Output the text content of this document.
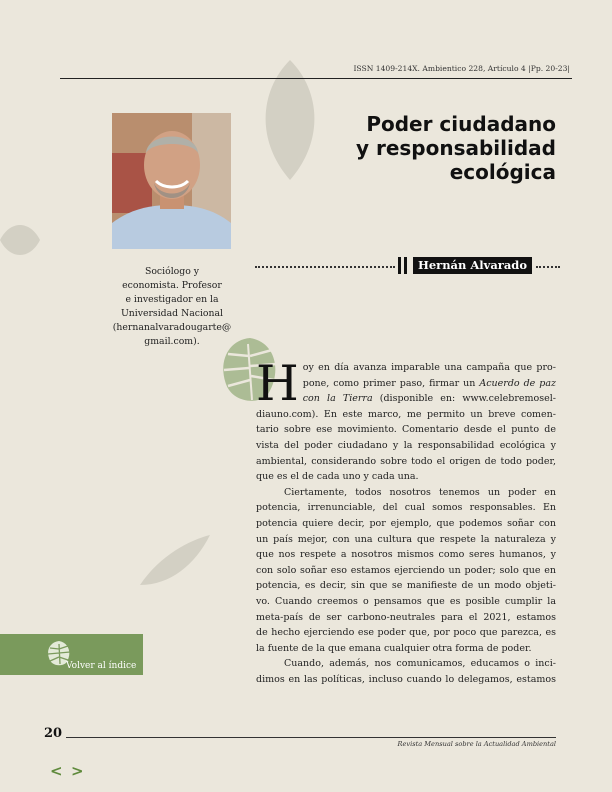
ISSN 1409-214X. Ambientico 228, Artículo 4 |Pp. 20-23|
Poder ciudadano
y responsabilidad
ecológica
Hernán Alvarado
Sociólogo y
economista. Profesor
e investigador en la
Universidad Nacional
(hernanalvaradougarte@
gmail.com).
H oy en día avanza imparable una campaña que pro-
pone, como primer paso, firmar un Acuerdo de paz
con la Tierra (disponible en: www.celebremosel-
diauno.com). En este marco, me permito un breve comen-
tario sobre ese movimiento. Comentario desde el punto de
vista del poder ciudadano y la responsabilidad ecológica y
ambiental, considerando sobre todo el origen de todo poder,
que es el de cada uno y cada una.
Ciertamente, todos nosotros tenemos un poder en
potencia, irrenunciable, del cual somos responsables. En
potencia quiere decir, por ejemplo, que podemos soñar con
un país mejor, con una cultura que respete la naturaleza y
que nos respete a nosotros mismos como seres humanos, y
con solo soñar eso estamos ejerciendo un poder; solo que en
potencia, es decir, sin que se manifieste de un modo objeti-
vo. Cuando creemos o pensamos que es posible cumplir la
meta-país de ser carbono-neutrales para el 2021, estamos
de hecho ejerciendo ese poder que, por poco que parezca, es
la fuente de la que emana cualquier otra forma de poder.
Cuando, además, nos comunicamos, educamos o inci-
dimos en las políticas, incluso cuando lo delegamos, estamos
Volver al índice
20
Revista Mensual sobre la Actualidad Ambiental
< >
